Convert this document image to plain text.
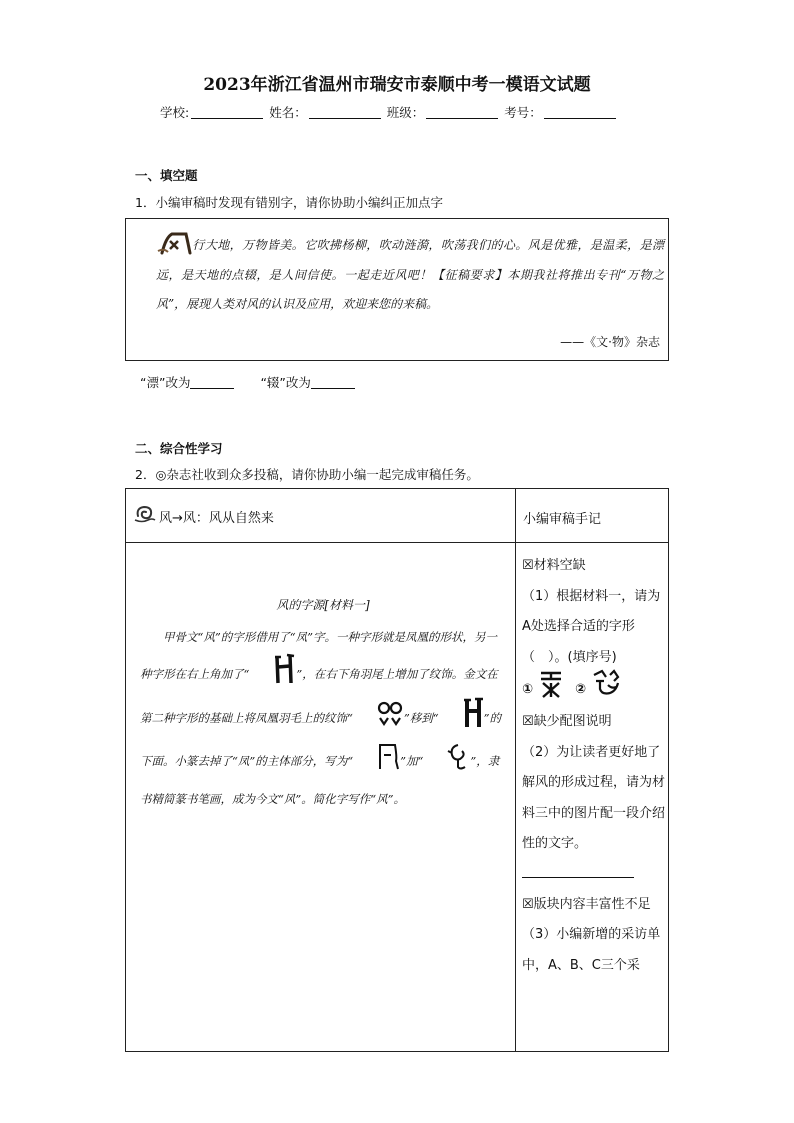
2023年浙江省温州市瑞安市泰顺中考一模语文试题
学校:	姓名：	班级：	考号：
一、填空题
1．小编审稿时发现有错别字，请你协助小编纠正加点字
行大地，万物皆美。它吹拂杨柳，吹动涟漪，吹荡我们的心。风是优雅，是温柔，是漂远，是天地的点辍，是人间信使。一起走近风吧！【征稿要求】本期我社将推出专刊“万物之风”，展现人类对风的认识及应用，欢迎来您的来稿。
——《文·物》杂志
“漂”改为	“辍”改为
二、综合性学习
2．◎杂志社收到众多投稿，请你协助小编一起完成审稿任务。
风→风：风从自然来	小编审稿手记
风的字源[材料一]
甲骨文“风”的字形借用了“凤”字。一种字形就是凤凰的形状，另一种字形在右上角加了“	”，在右下角羽尾上增加了纹饰。金文在第二种字形的基础上将凤凰羽毛上的纹饰“	”移到“	”的下面。小篆去掉了“凤”的主体部分，写为“	”加“	”，隶书精简篆书笔画，成为今文“风”。简化字写作“风”。
☒材料空缺
（1）根据材料一，请为A处选择合适的字形（　）。(填序号)
①	②
☒缺少配图说明
（2）为让读者更好地了解风的形成过程，请为材料三中的图片配一段介绍性的文字。
☒版块内容丰富性不足
（3）小编新增的采访单中，A、B、C三个采
